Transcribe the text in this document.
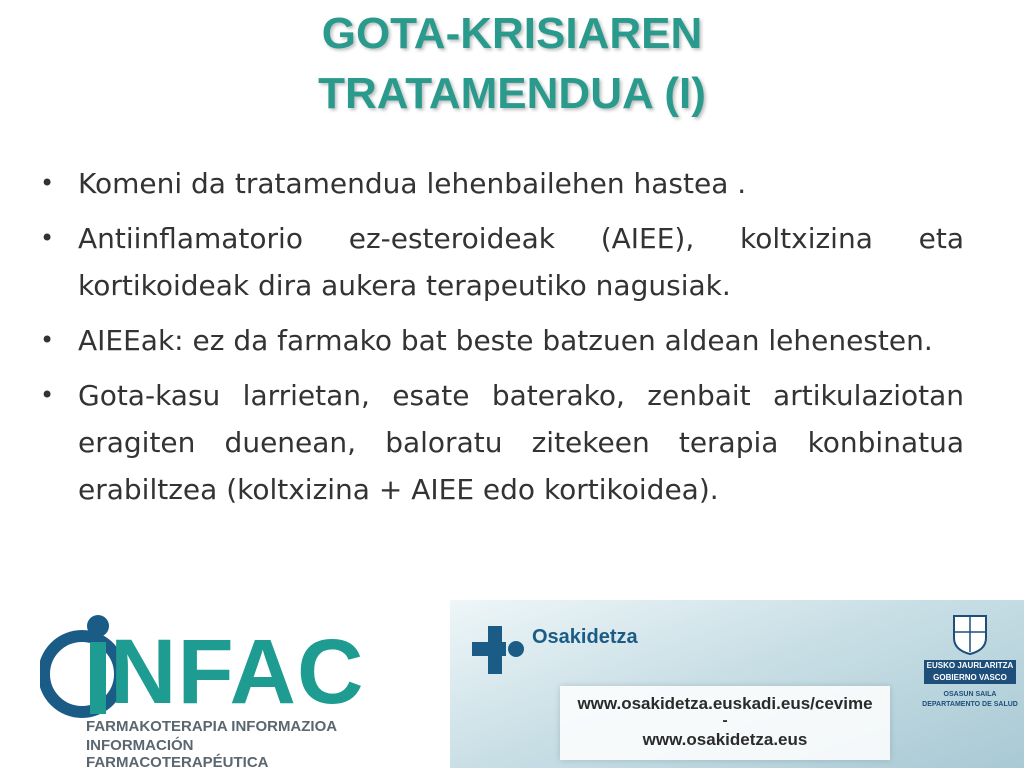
GOTA-KRISIAREN
TRATAMENDUA (I)
• Komeni da tratamendua lehenbailehen hastea .
• Antiinflamatorio ez-esteroideak (AIEE), koltxizina eta kortikoideak dira aukera terapeutiko nagusiak.
• AIEEak: ez da farmako bat beste batzuen aldean lehenesten.
• Gota-kasu larrietan, esate baterako, zenbait artikulaziotan eragiten duenean, baloratu zitekeen terapia konbinatua erabiltzea (koltxizina + AIEE edo kortikoidea).
NFAC
FARMAKOTERAPIA INFORMAZIOA
INFORMACIÓN FARMACOTERAPÉUTICA
Osakidetza
www.osakidetza.euskadi.eus/cevime
-
www.osakidetza.eus
EUSKO JAURLARITZA
GOBIERNO VASCO
OSASUN SAILA
DEPARTAMENTO DE SALUD
